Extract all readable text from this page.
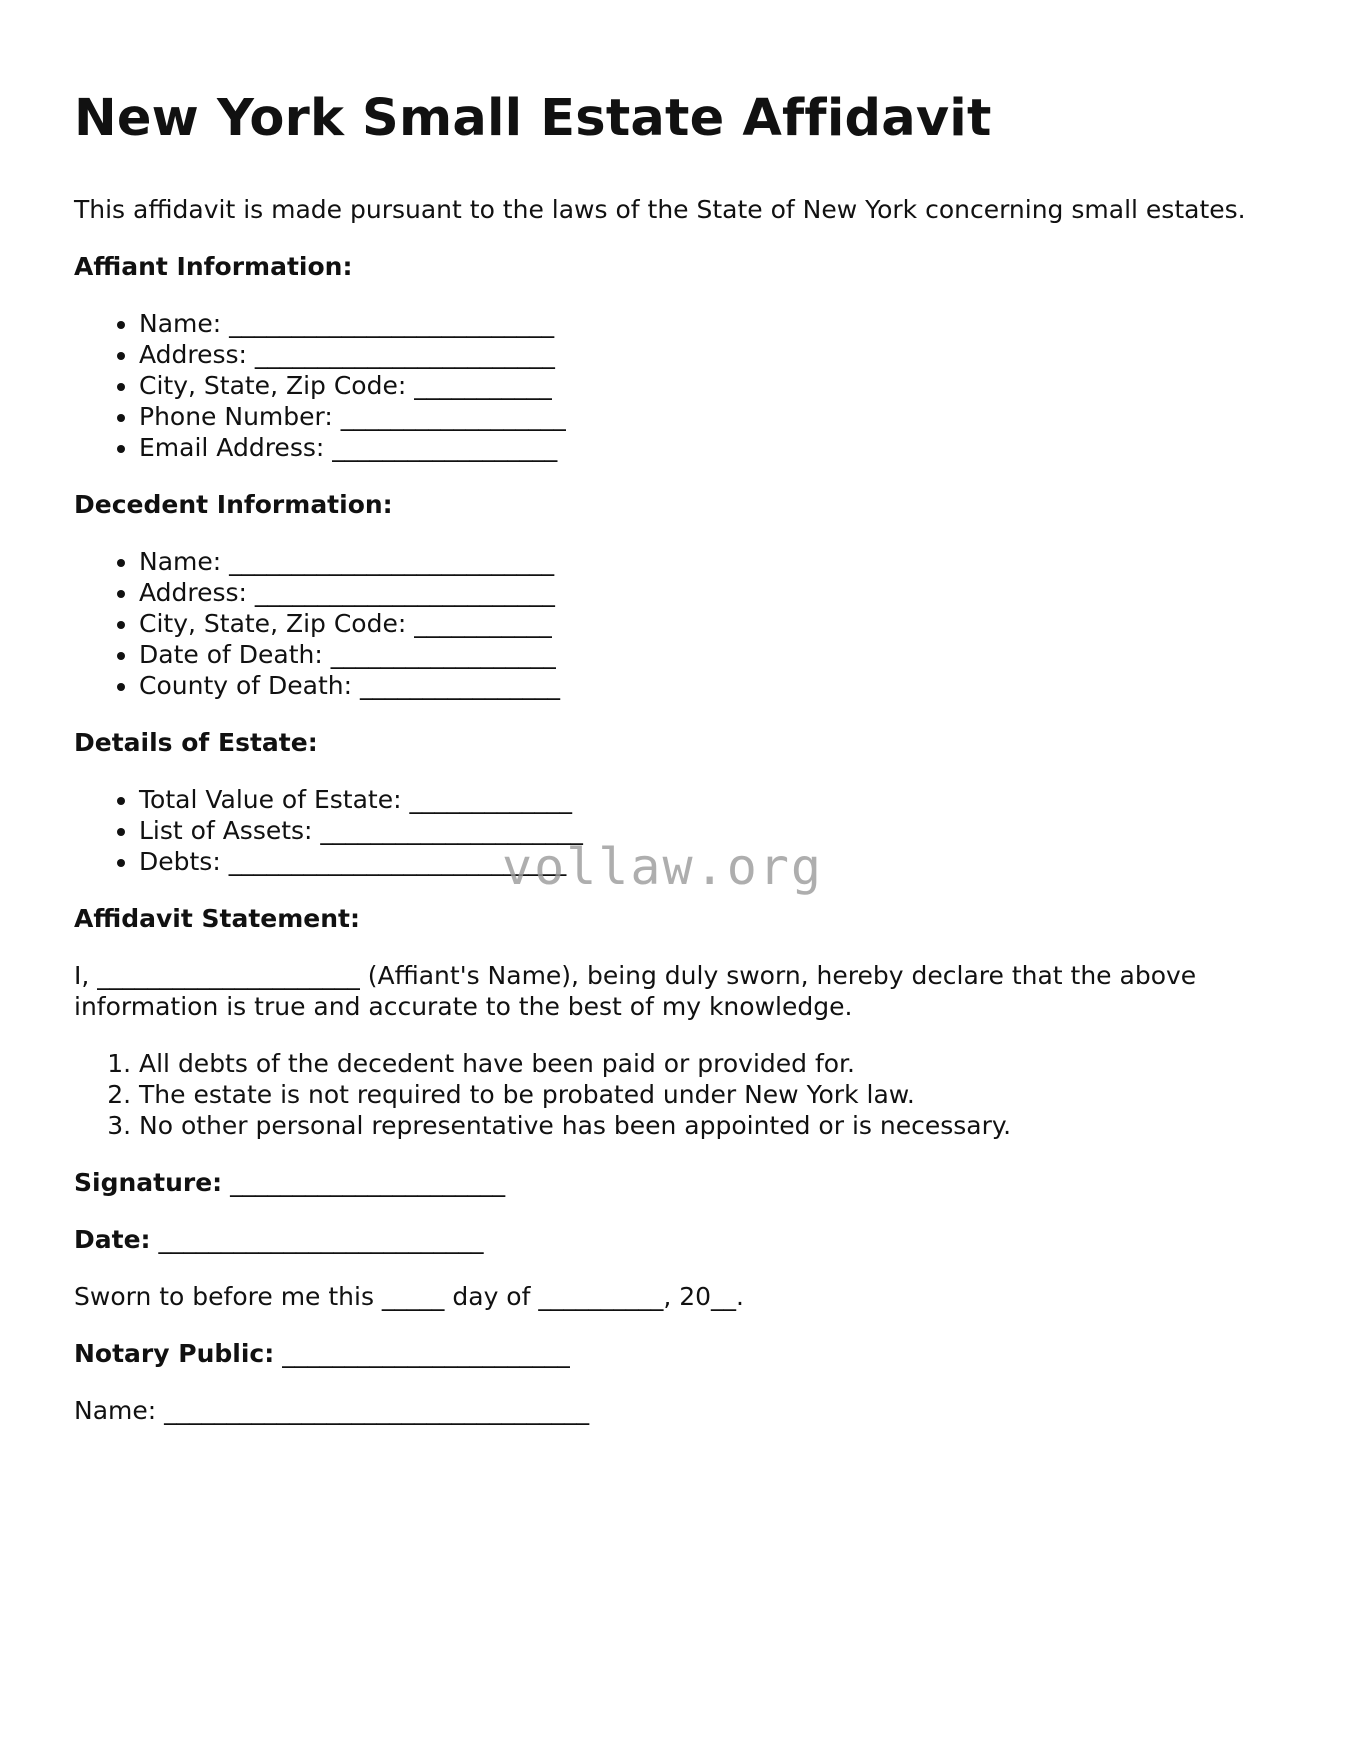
New York Small Estate Affidavit

This affidavit is made pursuant to the laws of the State of New York concerning small estates.

Affiant Information:
• Name: __________________________
• Address: ________________________
• City, State, Zip Code: ___________
• Phone Number: __________________
• Email Address: __________________
Decedent Information:
• Name: __________________________
• Address: ________________________
• City, State, Zip Code: ___________
• Date of Death: __________________
• County of Death: ________________
Details of Estate:
• Total Value of Estate: _____________
• List of Assets: _____________________
• Debts: ___________________________
Affidavit Statement:

I, _____________________ (Affiant's Name), being duly sworn, hereby declare that the above information is true and accurate to the best of my knowledge.

1. All debts of the decedent have been paid or provided for.
2. The estate is not required to be probated under New York law.
3. No other personal representative has been appointed or is necessary.

Signature: ______________________

Date: __________________________

Sworn to before me this _____ day of __________, 20__.

Notary Public: _______________________

Name: __________________________________

vollaw.org
